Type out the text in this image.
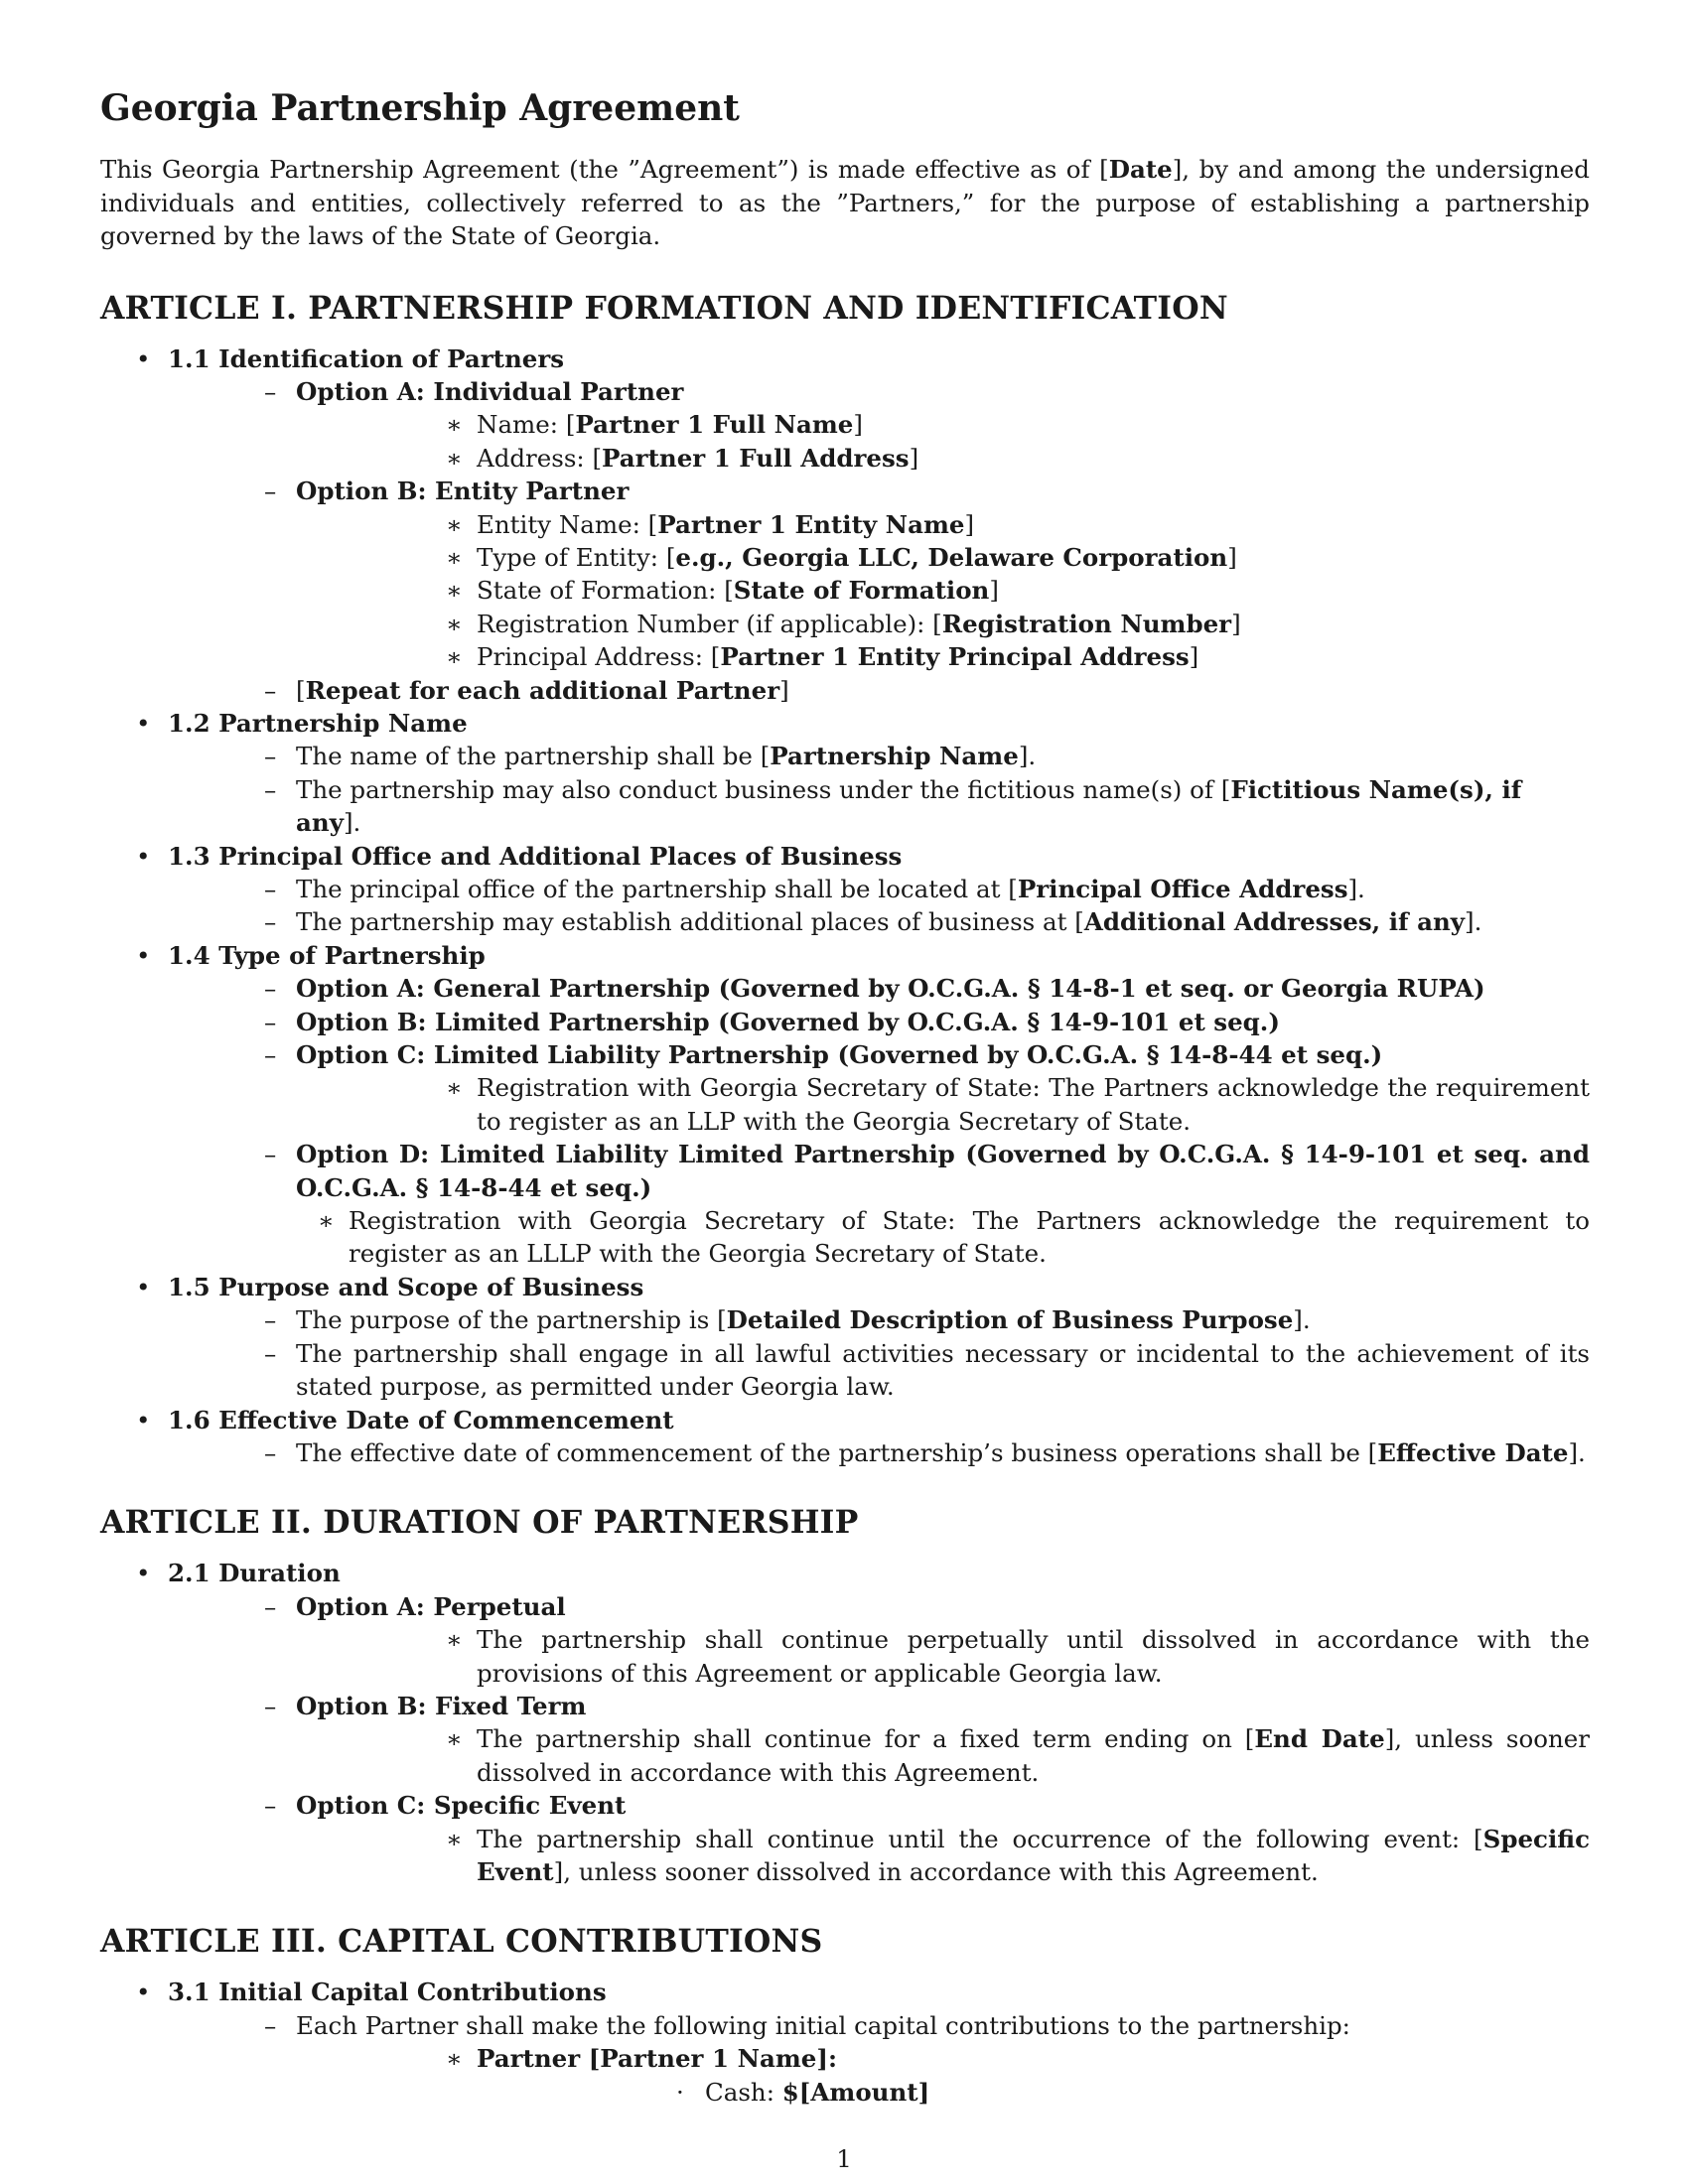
Georgia Partnership Agreement

This Georgia Partnership Agreement (the ”Agreement”) is made effective as of [Date], by and among the undersigned individuals and entities, collectively referred to as the ”Partners,” for the purpose of establishing a partnership governed by the laws of the State of Georgia.

ARTICLE I. PARTNERSHIP FORMATION AND IDENTIFICATION
• 1.1 Identification of Partners
– Option A: Individual Partner
∗ Name: [Partner 1 Full Name]
∗ Address: [Partner 1 Full Address]
– Option B: Entity Partner
∗ Entity Name: [Partner 1 Entity Name]
∗ Type of Entity: [e.g., Georgia LLC, Delaware Corporation]
∗ State of Formation: [State of Formation]
∗ Registration Number (if applicable): [Registration Number]
∗ Principal Address: [Partner 1 Entity Principal Address]
– [Repeat for each additional Partner]
• 1.2 Partnership Name
– The name of the partnership shall be [Partnership Name].
– The partnership may also conduct business under the fictitious name(s) of [Fictitious Name(s), if any].
• 1.3 Principal Office and Additional Places of Business
– The principal office of the partnership shall be located at [Principal Office Address].
– The partnership may establish additional places of business at [Additional Addresses, if any].
• 1.4 Type of Partnership
– Option A: General Partnership (Governed by O.C.G.A. § 14-8-1 et seq. or Georgia RUPA)
– Option B: Limited Partnership (Governed by O.C.G.A. § 14-9-101 et seq.)
– Option C: Limited Liability Partnership (Governed by O.C.G.A. § 14-8-44 et seq.)
∗ Registration with Georgia Secretary of State: The Partners acknowledge the requirement to register as an LLP with the Georgia Secretary of State.
– Option D: Limited Liability Limited Partnership (Governed by O.C.G.A. § 14-9-101 et seq. and O.C.G.A. § 14-8-44 et seq.)
∗ Registration with Georgia Secretary of State: The Partners acknowledge the requirement to register as an LLLP with the Georgia Secretary of State.
• 1.5 Purpose and Scope of Business
– The purpose of the partnership is [Detailed Description of Business Purpose].
– The partnership shall engage in all lawful activities necessary or incidental to the achievement of its stated purpose, as permitted under Georgia law.
• 1.6 Effective Date of Commencement
– The effective date of commencement of the partnership’s business operations shall be [Effective Date].
ARTICLE II. DURATION OF PARTNERSHIP
• 2.1 Duration
– Option A: Perpetual
∗ The partnership shall continue perpetually until dissolved in accordance with the provisions of this Agreement or applicable Georgia law.
– Option B: Fixed Term
∗ The partnership shall continue for a fixed term ending on [End Date], unless sooner dissolved in accordance with this Agreement.
– Option C: Specific Event
∗ The partnership shall continue until the occurrence of the following event: [Specific Event], unless sooner dissolved in accordance with this Agreement.
ARTICLE III. CAPITAL CONTRIBUTIONS
• 3.1 Initial Capital Contributions
– Each Partner shall make the following initial capital contributions to the partnership:
∗ Partner [Partner 1 Name]:
· Cash: $[Amount]
1
